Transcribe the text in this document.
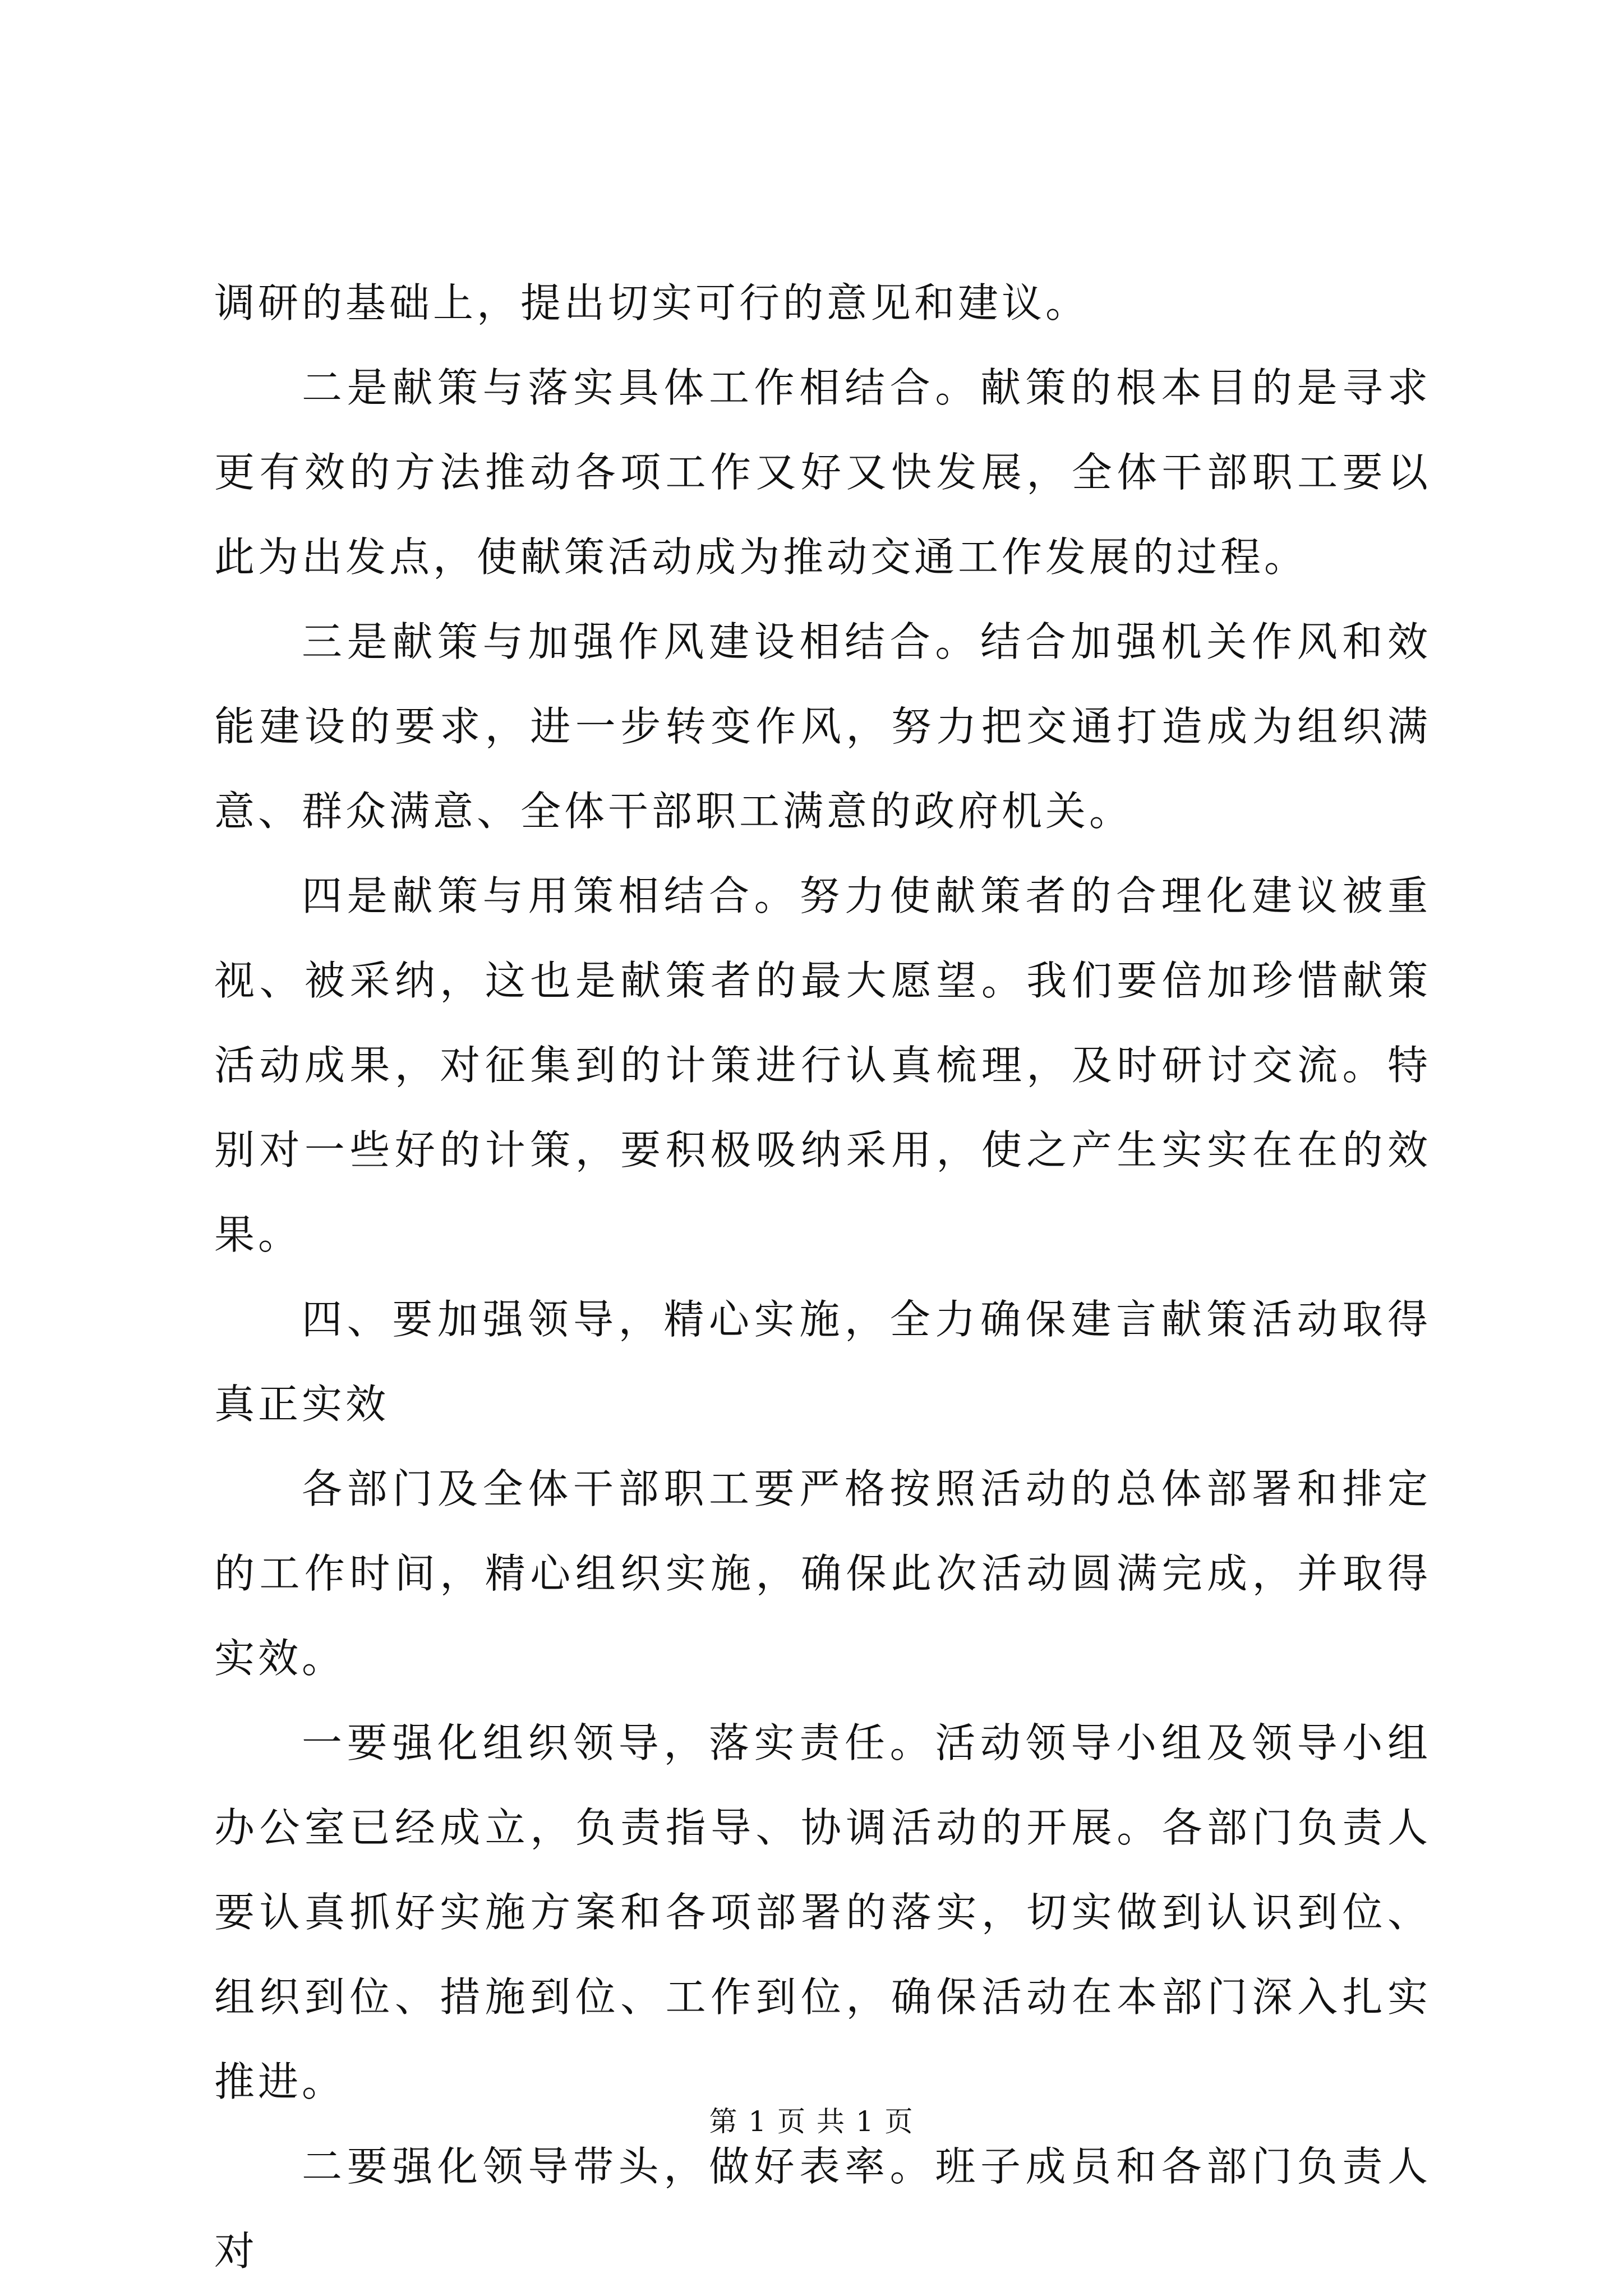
调研的基础上，提出切实可行的意见和建议。

二是献策与落实具体工作相结合。献策的根本目的是寻求更有效的方法推动各项工作又好又快发展，全体干部职工要以此为出发点，使献策活动成为推动交通工作发展的过程。

三是献策与加强作风建设相结合。结合加强机关作风和效能建设的要求，进一步转变作风，努力把交通打造成为组织满意、群众满意、全体干部职工满意的政府机关。

四是献策与用策相结合。努力使献策者的合理化建议被重视、被采纳，这也是献策者的最大愿望。我们要倍加珍惜献策活动成果，对征集到的计策进行认真梳理，及时研讨交流。特别对一些好的计策，要积极吸纳采用，使之产生实实在在的效果。

四、要加强领导，精心实施，全力确保建言献策活动取得真正实效

各部门及全体干部职工要严格按照活动的总体部署和排定的工作时间，精心组织实施，确保此次活动圆满完成，并取得实效。

一要强化组织领导，落实责任。活动领导小组及领导小组办公室已经成立，负责指导、协调活动的开展。各部门负责人要认真抓好实施方案和各项部署的落实，切实做到认识到位、组织到位、措施到位、工作到位，确保活动在本部门深入扎实推进。

二要强化领导带头，做好表率。班子成员和各部门负责人对

第 1 页 共 1 页
